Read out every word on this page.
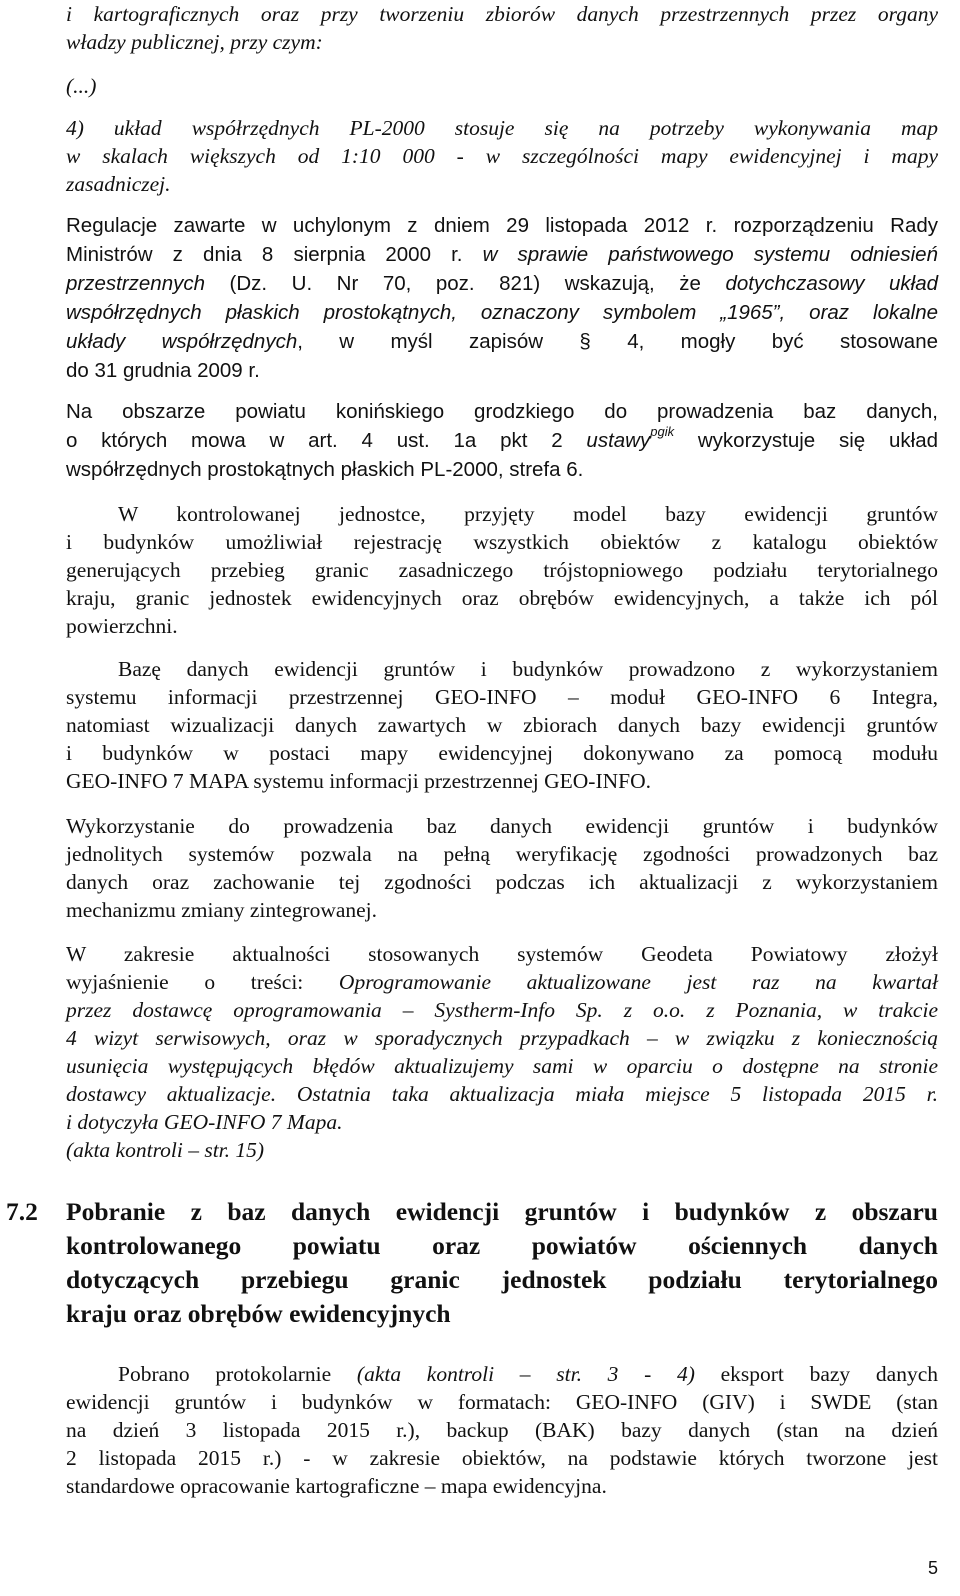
i kartograficznych oraz przy tworzeniu zbiorów danych przestrzennych przez organy
władzy publicznej, przy czym:
(...)
4) układ współrzędnych PL-2000 stosuje się na potrzeby wykonywania map
w skalach większych od 1:10 000 - w szczególności mapy ewidencyjnej i mapy
zasadniczej.
Regulacje zawarte w uchylonym z dniem 29 listopada 2012 r. rozporządzeniu Rady
Ministrów z dnia 8 sierpnia 2000 r. w sprawie państwowego systemu odniesień
przestrzennych (Dz. U. Nr 70, poz. 821) wskazują, że dotychczasowy układ
współrzędnych płaskich prostokątnych, oznaczony symbolem „1965”, oraz lokalne
układy współrzędnych, w myśl zapisów § 4, mogły być stosowane
do 31 grudnia 2009 r.
Na obszarze powiatu konińskiego grodzkiego do prowadzenia baz danych,
o których mowa w art. 4 ust. 1a pkt 2 ustawy$^{pgik}$ wykorzystuje się układ
współrzędnych prostokątnych płaskich PL-2000, strefa 6.
W kontrolowanej jednostce, przyjęty model bazy ewidencji gruntów
i budynków umożliwiał rejestrację wszystkich obiektów z katalogu obiektów
generujących przebieg granic zasadniczego trójstopniowego podziału terytorialnego
kraju, granic jednostek ewidencyjnych oraz obrębów ewidencyjnych, a także ich pól
powierzchni.
Bazę danych ewidencji gruntów i budynków prowadzono z wykorzystaniem
systemu informacji przestrzennej GEO-INFO – moduł GEO-INFO 6 Integra,
natomiast wizualizacji danych zawartych w zbiorach danych bazy ewidencji gruntów
i budynków w postaci mapy ewidencyjnej dokonywano za pomocą modułu
GEO-INFO 7 MAPA systemu informacji przestrzennej GEO-INFO.
Wykorzystanie do prowadzenia baz danych ewidencji gruntów i budynków
jednolitych systemów pozwala na pełną weryfikację zgodności prowadzonych baz
danych oraz zachowanie tej zgodności podczas ich aktualizacji z wykorzystaniem
mechanizmu zmiany zintegrowanej.
W zakresie aktualności stosowanych systemów Geodeta Powiatowy złożył
wyjaśnienie o treści: Oprogramowanie aktualizowane jest raz na kwartał
przez dostawcę oprogramowania – Systherm-Info Sp. z o.o. z Poznania, w trakcie
4 wizyt serwisowych, oraz w sporadycznych przypadkach – w związku z koniecznością
usunięcia występujących błędów aktualizujemy sami w oparciu o dostępne na stronie
dostawcy aktualizacje. Ostatnia taka aktualizacja miała miejsce 5 listopada 2015 r.
i dotyczyła GEO-INFO 7 Mapa.
(akta kontroli – str. 15)
7.2	Pobranie z baz danych ewidencji gruntów i budynków z obszaru
kontrolowanego powiatu oraz powiatów ościennych danych
dotyczących przebiegu granic jednostek podziału terytorialnego
kraju oraz obrębów ewidencyjnych
Pobrano protokolarnie (akta kontroli – str. 3 - 4) eksport bazy danych
ewidencji gruntów i budynków w formatach: GEO-INFO (GIV) i SWDE (stan
na dzień 3 listopada 2015 r.), backup (BAK) bazy danych (stan na dzień
2 listopada 2015 r.) - w zakresie obiektów, na podstawie których tworzone jest
standardowe opracowanie kartograficzne – mapa ewidencyjna.
5
